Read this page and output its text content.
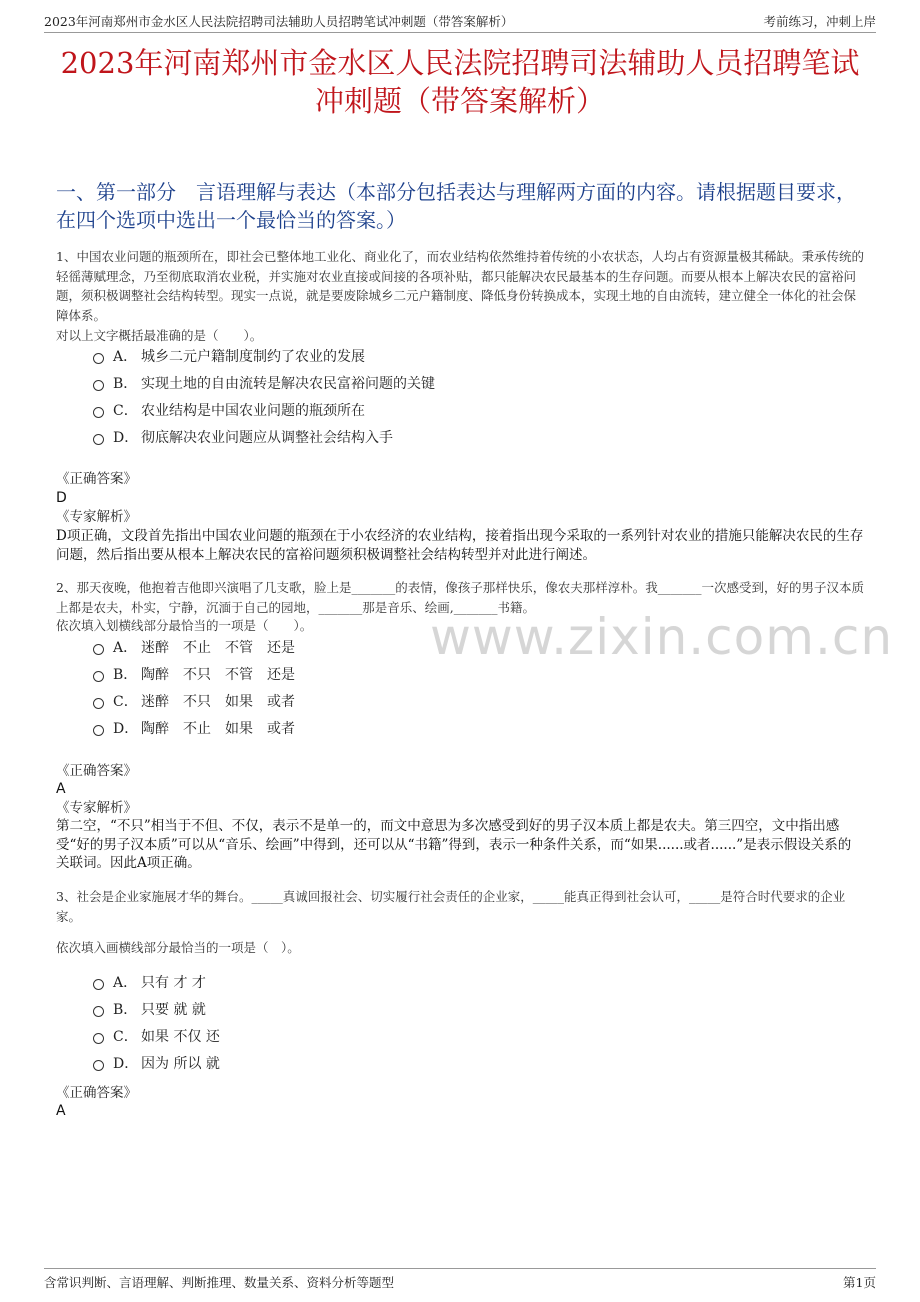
2023年河南郑州市金水区人民法院招聘司法辅助人员招聘笔试冲刺题（带答案解析）	考前练习，冲刺上岸
2023年河南郑州市金水区人民法院招聘司法辅助人员招聘笔试冲刺题（带答案解析）
一、第一部分　言语理解与表达（本部分包括表达与理解两方面的内容。请根据题目要求，在四个选项中选出一个最恰当的答案。）
www.zixin.com.cn
1、中国农业问题的瓶颈所在，即社会已整体地工业化、商业化了，而农业结构依然维持着传统的小农状态，人均占有资源量极其稀缺。秉承传统的轻徭薄赋理念，乃至彻底取消农业税，并实施对农业直接或间接的各项补贴，都只能解决农民最基本的生存问题。而要从根本上解决农民的富裕问题，须积极调整社会结构转型。现实一点说，就是要废除城乡二元户籍制度、降低身份转换成本，实现土地的自由流转，建立健全一体化的社会保障体系。
对以上文字概括最准确的是（　　）。
A． 城乡二元户籍制度制约了农业的发展
B． 实现土地的自由流转是解决农民富裕问题的关键
C． 农业结构是中国农业问题的瓶颈所在
D． 彻底解决农业问题应从调整社会结构入手
《正确答案》
D
《专家解析》
D项正确，文段首先指出中国农业问题的瓶颈在于小农经济的农业结构，接着指出现今采取的一系列针对农业的措施只能解决农民的生存问题，然后指出要从根本上解决农民的富裕问题须积极调整社会结构转型并对此进行阐述。
2、那天夜晚，他抱着吉他即兴演唱了几支歌，脸上是_______的表情，像孩子那样快乐，像农夫那样淳朴。我_______一次感受到，好的男子汉本质上都是农夫，朴实，宁静，沉湎于自己的园地，_______那是音乐、绘画,_______书籍。
依次填入划横线部分最恰当的一项是（　　）。
A． 迷醉　不止　不管　还是
B． 陶醉　不只　不管　还是
C． 迷醉　不只　如果　或者
D． 陶醉　不止　如果　或者
《正确答案》
A
《专家解析》
第二空，“不只”相当于不但、不仅，表示不是单一的，而文中意思为多次感受到好的男子汉本质上都是农夫。第三四空，文中指出感受“好的男子汉本质”可以从“音乐、绘画”中得到，还可以从“书籍”得到，表示一种条件关系，而“如果......或者......”是表示假设关系的关联词。因此A项正确。
3、社会是企业家施展才华的舞台。_____真诚回报社会、切实履行社会责任的企业家，_____能真正得到社会认可，_____是符合时代要求的企业家。
依次填入画横线部分最恰当的一项是（　）。
A． 只有 才 才
B． 只要 就 就
C． 如果 不仅 还
D． 因为 所以 就
《正确答案》
A
含常识判断、言语理解、判断推理、数量关系、资料分析等题型	第1页
